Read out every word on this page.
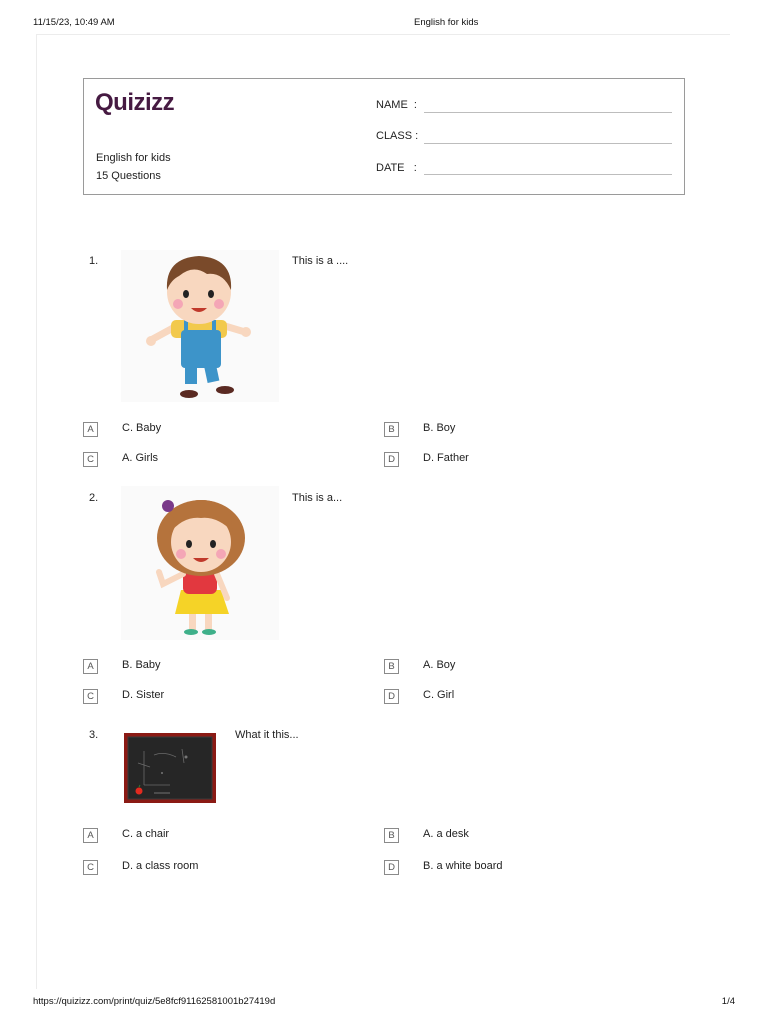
11/15/23, 10:49 AM	English for kids
Quizizz
English for kids
15 Questions
NAME :
CLASS :
DATE :
1.	This is a ....
A	C. Baby	B	B. Boy
C	A. Girls	D	D. Father
2.	This is a...
A	B. Baby	B	A. Boy
C	D. Sister	D	C. Girl
3.	What it this...
A	C. a chair	B	A. a desk
C	D. a class room	D	B. a white board
https://quizizz.com/print/quiz/5e8fcf91162581001b27419d	1/4
